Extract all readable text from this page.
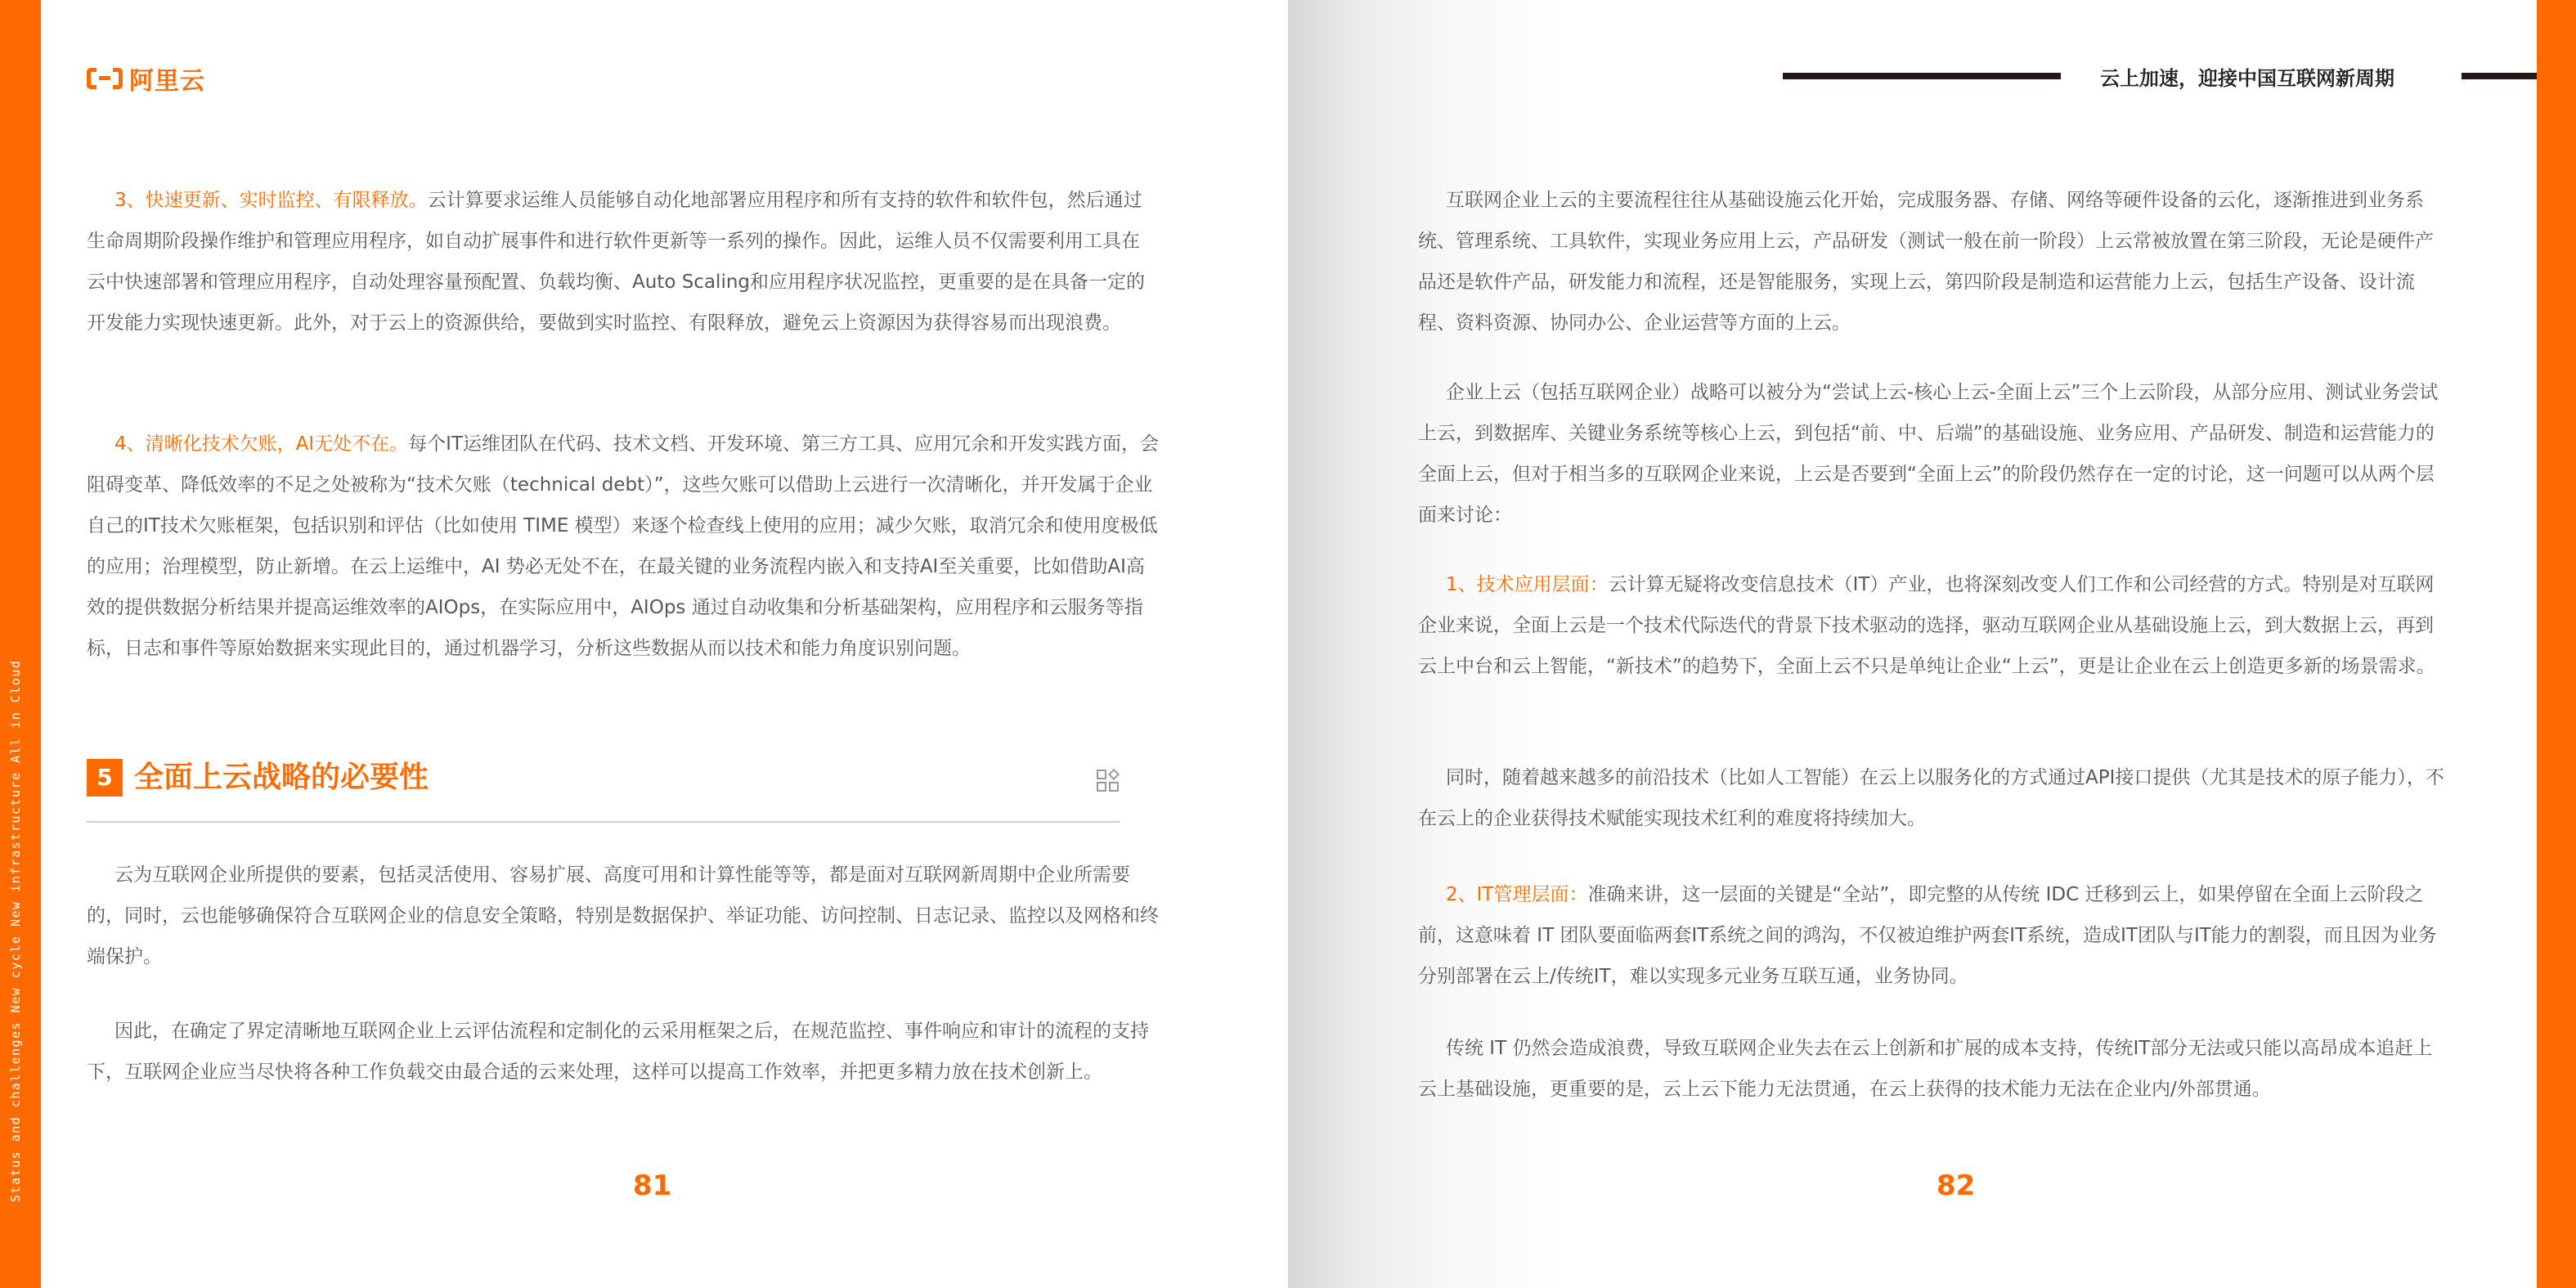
Status and challenges New cycle New infrastructure All in Cloud
阿里云

3、快速更新、实时监控、有限释放。云计算要求运维人员能够自动化地部署应用程序和所有支持的软件和软件包，然后通过生命周期阶段操作维护和管理应用程序，如自动扩展事件和进行软件更新等一系列的操作。因此，运维人员不仅需要利用工具在云中快速部署和管理应用程序，自动处理容量预配置、负载均衡、Auto Scaling和应用程序状况监控，更重要的是在具备一定的开发能力实现快速更新。此外，对于云上的资源供给，要做到实时监控、有限释放，避免云上资源因为获得容易而出现浪费。

4、清晰化技术欠账，AI无处不在。每个IT运维团队在代码、技术文档、开发环境、第三方工具、应用冗余和开发实践方面，会阻碍变革、降低效率的不足之处被称为“技术欠账（technical debt）”，这些欠账可以借助上云进行一次清晰化，并开发属于企业自己的IT技术欠账框架，包括识别和评估（比如使用 TIME 模型）来逐个检查线上使用的应用；减少欠账，取消冗余和使用度极低的应用；治理模型，防止新增。在云上运维中，AI 势必无处不在，在最关键的业务流程内嵌入和支持AI至关重要，比如借助AI高效的提供数据分析结果并提高运维效率的AIOps，在实际应用中，AIOps 通过自动收集和分析基础架构，应用程序和云服务等指标，日志和事件等原始数据来实现此目的，通过机器学习，分析这些数据从而以技术和能力角度识别问题。

5 全面上云战略的必要性

云为互联网企业所提供的要素，包括灵活使用、容易扩展、高度可用和计算性能等等，都是面对互联网新周期中企业所需要的，同时，云也能够确保符合互联网企业的信息安全策略，特别是数据保护、举证功能、访问控制、日志记录、监控以及网格和终端保护。

因此，在确定了界定清晰地互联网企业上云评估流程和定制化的云采用框架之后，在规范监控、事件响应和审计的流程的支持下，互联网企业应当尽快将各种工作负载交由最合适的云来处理，这样可以提高工作效率，并把更多精力放在技术创新上。

81
云上加速，迎接中国互联网新周期

互联网企业上云的主要流程往往从基础设施云化开始，完成服务器、存储、网络等硬件设备的云化，逐渐推进到业务系统、管理系统、工具软件，实现业务应用上云，产品研发（测试一般在前一阶段）上云常被放置在第三阶段，无论是硬件产品还是软件产品，研发能力和流程，还是智能服务，实现上云，第四阶段是制造和运营能力上云，包括生产设备、设计流程、资料资源、协同办公、企业运营等方面的上云。

企业上云（包括互联网企业）战略可以被分为“尝试上云-核心上云-全面上云”三个上云阶段，从部分应用、测试业务尝试上云，到数据库、关键业务系统等核心上云，到包括“前、中、后端”的基础设施、业务应用、产品研发、制造和运营能力的全面上云，但对于相当多的互联网企业来说，上云是否要到“全面上云”的阶段仍然存在一定的讨论，这一问题可以从两个层面来讨论：

1、技术应用层面：云计算无疑将改变信息技术（IT）产业，也将深刻改变人们工作和公司经营的方式。特别是对互联网企业来说，全面上云是一个技术代际迭代的背景下技术驱动的选择，驱动互联网企业从基础设施上云，到大数据上云，再到云上中台和云上智能，“新技术”的趋势下，全面上云不只是单纯让企业“上云”，更是让企业在云上创造更多新的场景需求。

同时，随着越来越多的前沿技术（比如人工智能）在云上以服务化的方式通过API接口提供（尤其是技术的原子能力），不在云上的企业获得技术赋能实现技术红利的难度将持续加大。

2、IT管理层面：准确来讲，这一层面的关键是“全站”，即完整的从传统 IDC 迁移到云上，如果停留在全面上云阶段之前，这意味着 IT 团队要面临两套IT系统之间的鸿沟，不仅被迫维护两套IT系统，造成IT团队与IT能力的割裂，而且因为业务分别部署在云上/传统IT，难以实现多元业务互联互通，业务协同。

传统 IT 仍然会造成浪费，导致互联网企业失去在云上创新和扩展的成本支持，传统IT部分无法或只能以高昂成本追赶上云上基础设施，更重要的是，云上云下能力无法贯通，在云上获得的技术能力无法在企业内/外部贯通。

82
